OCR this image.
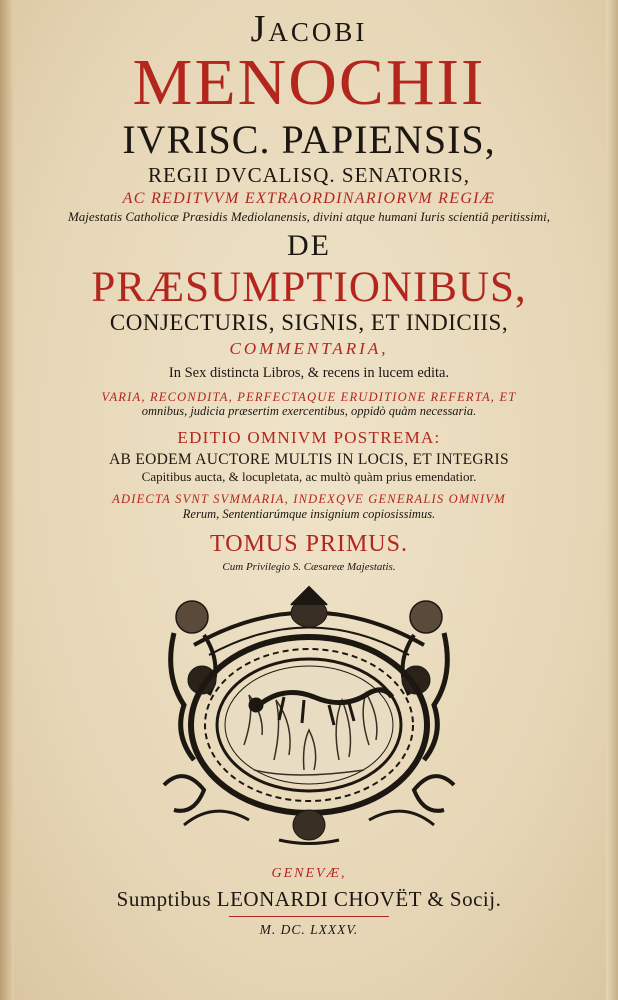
Jacobi

MENOCHII

IVRISC. PAPIENSIS,

REGII DVCALISQ. SENATORIS,

AC REDITVVM EXTRAORDINARIORVM REGIÆ

Majestatis Catholicæ Præsidis Mediolanensis, divini atque humani Iuris scientiâ peritissimi,

DE

PRÆSUMPTIONIBUS,

CONJECTURIS, SIGNIS, ET INDICIIS,

COMMENTARIA,

In Sex distincta Libros, & recens in lucem edita.

VARIA, RECONDITA, PERFECTAQUE ERUDITIONE REFERTA, ET

omnibus, judicia præsertim exercentibus, oppidò quàm necessaria.

EDITIO OMNIVM POSTREMA:

AB EODEM AUCTORE MULTIS IN LOCIS, ET INTEGRIS

Capitibus aucta, & locupletata, ac multò quàm prius emendatior.

ADIECTA SVNT SVMMARIA, INDEXQVE GENERALIS OMNIVM

Rerum, Sententiarúmque insignium copiosissimus.

TOMUS PRIMUS.

Cum Privilegio S. Cæsareæ Majestatis.

GENEVÆ,

Sumptibus LEONARDI CHOVËT & Socij.

M. DC. LXXXV.
